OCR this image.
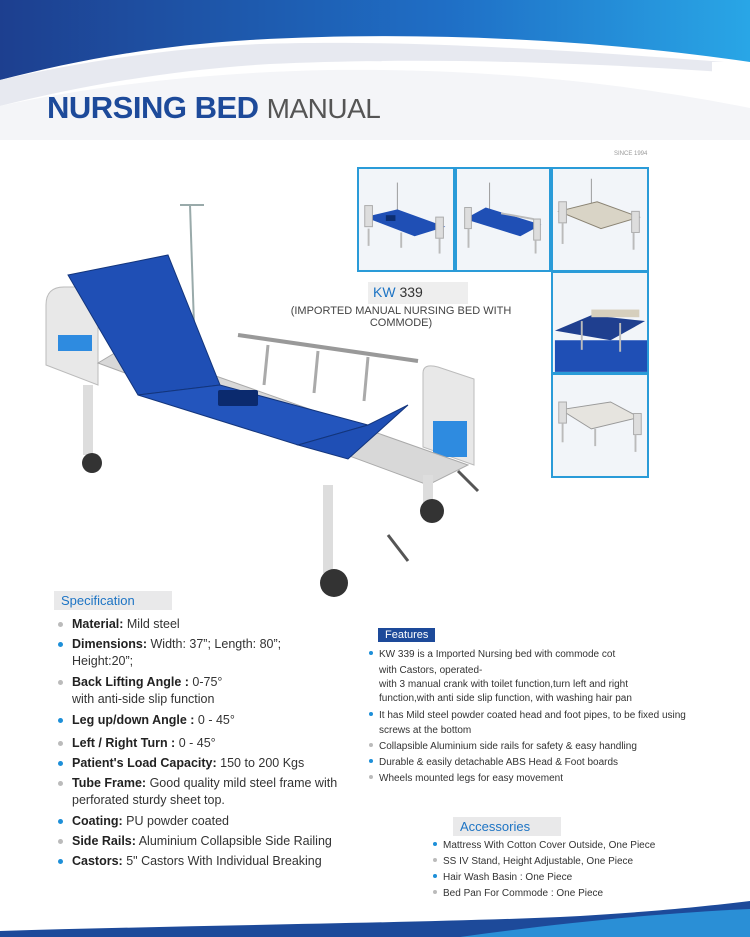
NURSING BED MANUAL
SINCE 1994
KW 339
(IMPORTED MANUAL NURSING BED WITH COMMODE)
Specification
Material: Mild steel
Dimensions: Width: 37”; Length: 80”;
Height:20”;
Back Lifting Angle : 0-75°
with anti-side slip function
Leg up/down Angle : 0 - 45°
Left / Right Turn : 0 - 45°
Patient's Load Capacity: 150 to 200 Kgs
Tube Frame: Good quality mild steel frame with
perforated sturdy sheet top.
Coating: PU powder coated
Side Rails: Aluminium Collapsible Side Railing
Castors: 5" Castors With Individual Breaking
Features
KW 339 is a Imported Nursing bed with commode cot
with Castors, operated-
with 3 manual crank with toilet function,turn left and right
function,with anti side slip function, with washing hair pan
It has Mild steel powder coated head and foot pipes, to be fixed using
screws at the bottom
Collapsible Aluminium side rails for safety & easy handling
Durable & easily detachable ABS Head & Foot boards
Wheels mounted legs for easy movement
Accessories
Mattress With Cotton Cover Outside, One Piece
SS IV Stand, Height Adjustable, One Piece
Hair Wash Basin : One Piece
Bed Pan For Commode : One Piece
